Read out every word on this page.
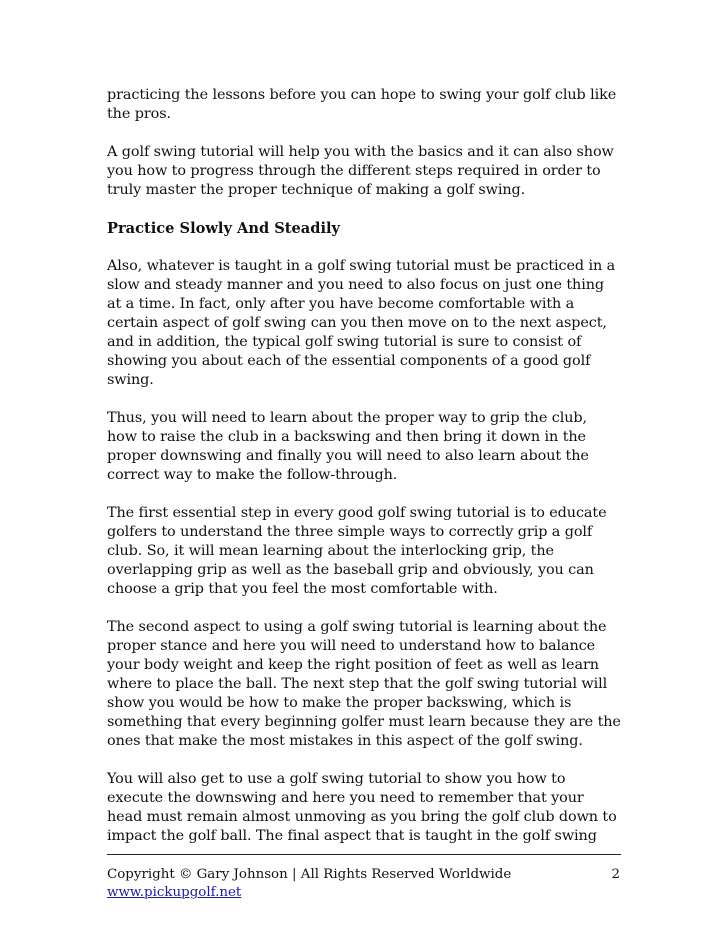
practicing the lessons before you can hope to swing your golf club like the pros.

A golf swing tutorial will help you with the basics and it can also show you how to progress through the different steps required in order to truly master the proper technique of making a golf swing.

Practice Slowly And Steadily

Also, whatever is taught in a golf swing tutorial must be practiced in a slow and steady manner and you need to also focus on just one thing at a time. In fact, only after you have become comfortable with a certain aspect of golf swing can you then move on to the next aspect, and in addition, the typical golf swing tutorial is sure to consist of showing you about each of the essential components of a good golf swing.

Thus, you will need to learn about the proper way to grip the club, how to raise the club in a backswing and then bring it down in the proper downswing and finally you will need to also learn about the correct way to make the follow-through.

The first essential step in every good golf swing tutorial is to educate golfers to understand the three simple ways to correctly grip a golf club. So, it will mean learning about the interlocking grip, the overlapping grip as well as the baseball grip and obviously, you can choose a grip that you feel the most comfortable with.

The second aspect to using a golf swing tutorial is learning about the proper stance and here you will need to understand how to balance your body weight and keep the right position of feet as well as learn where to place the ball. The next step that the golf swing tutorial will show you would be how to make the proper backswing, which is something that every beginning golfer must learn because they are the ones that make the most mistakes in this aspect of the golf swing.

You will also get to use a golf swing tutorial to show you how to execute the downswing and here you need to remember that your head must remain almost unmoving as you bring the golf club down to impact the golf ball. The final aspect that is taught in the golf swing

Copyright © Gary Johnson | All Rights Reserved Worldwide	2
www.pickupgolf.net
